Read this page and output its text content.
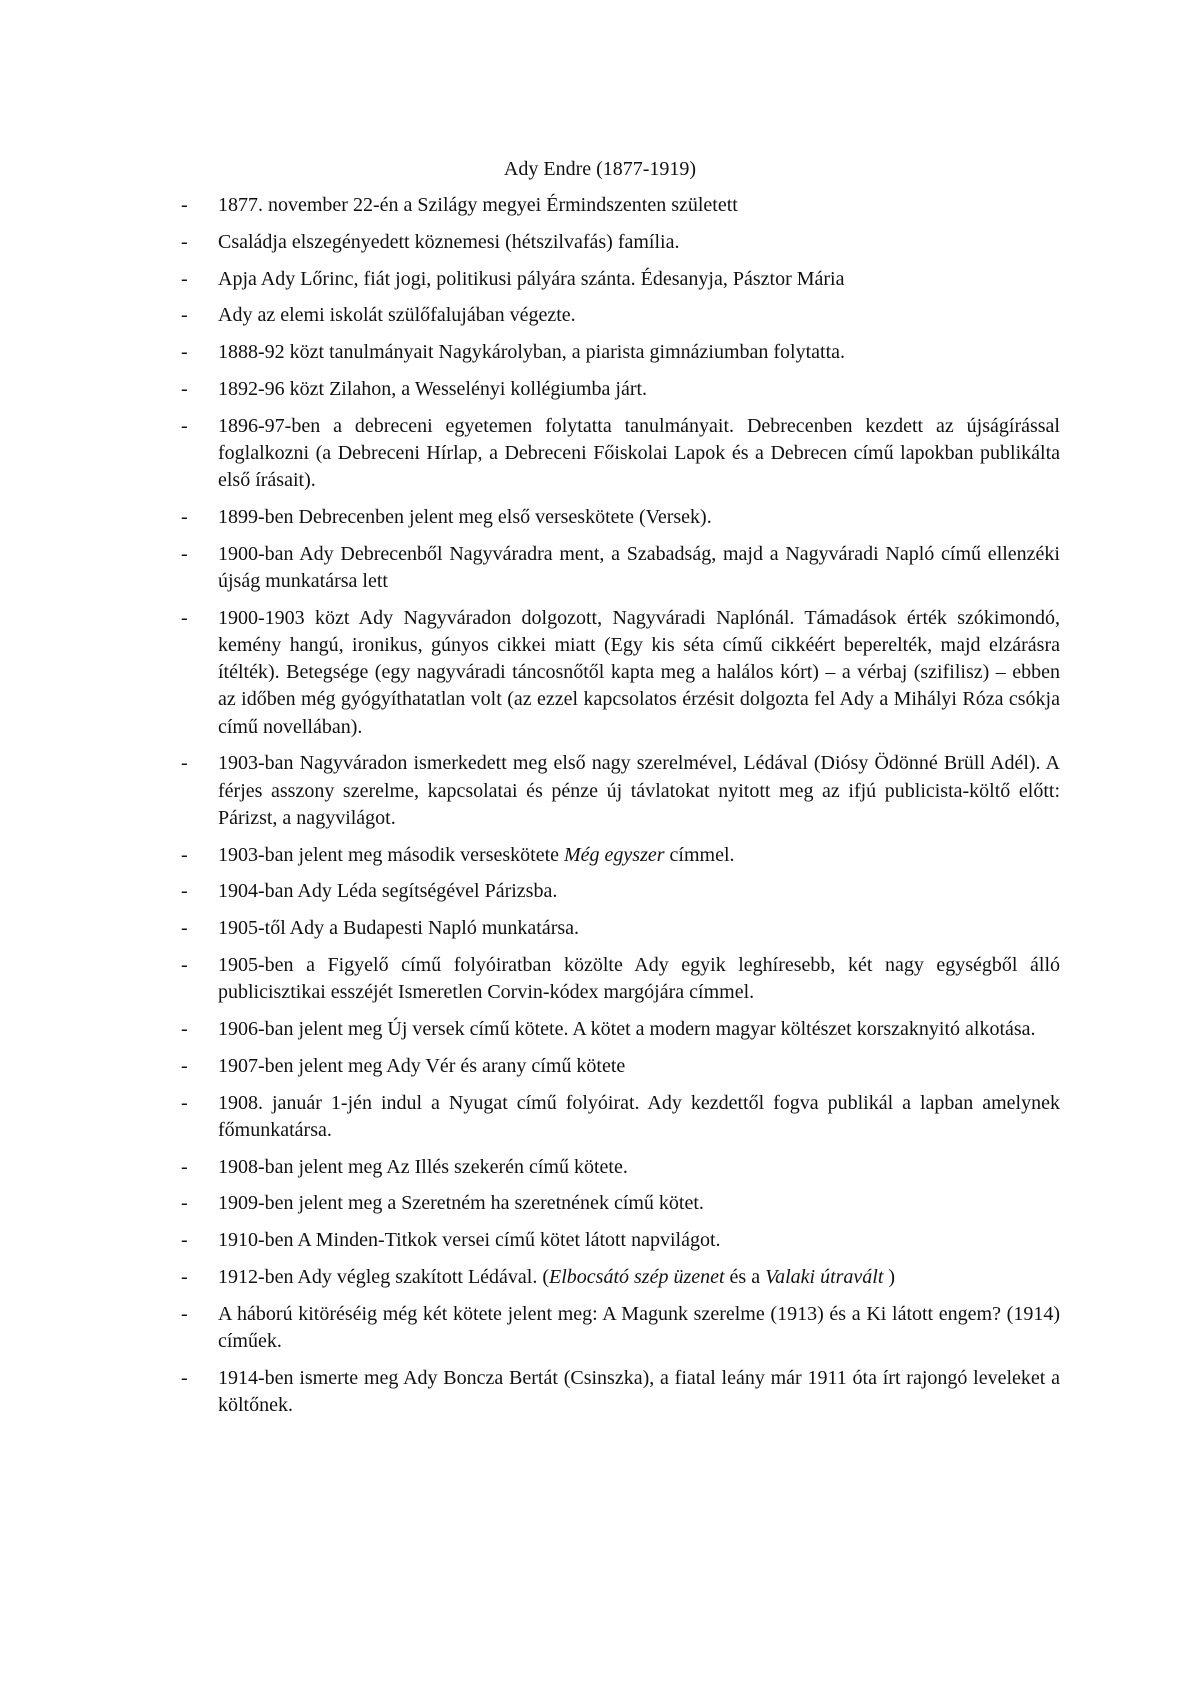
Ady Endre (1877-1919)
- 1877. november 22-én a Szilágy megyei Érmindszenten született
- Családja elszegényedett köznemesi (hétszilvafás) família.
- Apja Ady Lőrinc, fiát jogi, politikusi pályára szánta. Édesanyja, Pásztor Mária
- Ady az elemi iskolát szülőfalujában végezte.
- 1888-92 közt tanulmányait Nagykárolyban, a piarista gimnáziumban folytatta.
- 1892-96 közt Zilahon, a Wesselényi kollégiumba járt.
- 1896-97-ben a debreceni egyetemen folytatta tanulmányait. Debrecenben kezdett az újságírással foglalkozni (a Debreceni Hírlap, a Debreceni Főiskolai Lapok és a Debrecen című lapokban publikálta első írásait).
- 1899-ben Debrecenben jelent meg első verseskötete (Versek).
- 1900-ban Ady Debrecenből Nagyváradra ment, a Szabadság, majd a Nagyváradi Napló című ellenzéki újság munkatársa lett
- 1900-1903 közt Ady Nagyváradon dolgozott, Nagyváradi Naplónál. Támadások érték szókimondó, kemény hangú, ironikus, gúnyos cikkei miatt (Egy kis séta című cikkéért beperelték, majd elzárásra ítélték). Betegsége (egy nagyváradi táncosnőtől kapta meg a halálos kórt) – a vérbaj (szifilisz) – ebben az időben még gyógyíthatatlan volt (az ezzel kapcsolatos érzésit dolgozta fel Ady a Mihályi Róza csókja című novellában).
- 1903-ban Nagyváradon ismerkedett meg első nagy szerelmével, Lédával (Diósy Ödönné Brüll Adél). A férjes asszony szerelme, kapcsolatai és pénze új távlatokat nyitott meg az ifjú publicista-költő előtt: Párizst, a nagyvilágot.
- 1903-ban jelent meg második verseskötete Még egyszer címmel.
- 1904-ban Ady Léda segítségével Párizsba.
- 1905-től Ady a Budapesti Napló munkatársa.
- 1905-ben a Figyelő című folyóiratban közölte Ady egyik leghíresebb, két nagy egységből álló publicisztikai esszéjét Ismeretlen Corvin-kódex margójára címmel.
- 1906-ban jelent meg Új versek című kötete. A kötet a modern magyar költészet korszaknyitó alkotása.
- 1907-ben jelent meg Ady Vér és arany című kötete
- 1908. január 1-jén indul a Nyugat című folyóirat. Ady kezdettől fogva publikál a lapban amelynek főmunkatársa.
- 1908-ban jelent meg Az Illés szekerén című kötete.
- 1909-ben jelent meg a Szeretném ha szeretnének című kötet.
- 1910-ben A Minden-Titkok versei című kötet látott napvilágot.
- 1912-ben Ady végleg szakított Lédával. (Elbocsátó szép üzenet és a Valaki útravált )
- A háború kitöréséig még két kötete jelent meg: A Magunk szerelme (1913) és a Ki látott engem? (1914) címűek.
- 1914-ben ismerte meg Ady Boncza Bertát (Csinszka), a fiatal leány már 1911 óta írt rajongó leveleket a költőnek.
